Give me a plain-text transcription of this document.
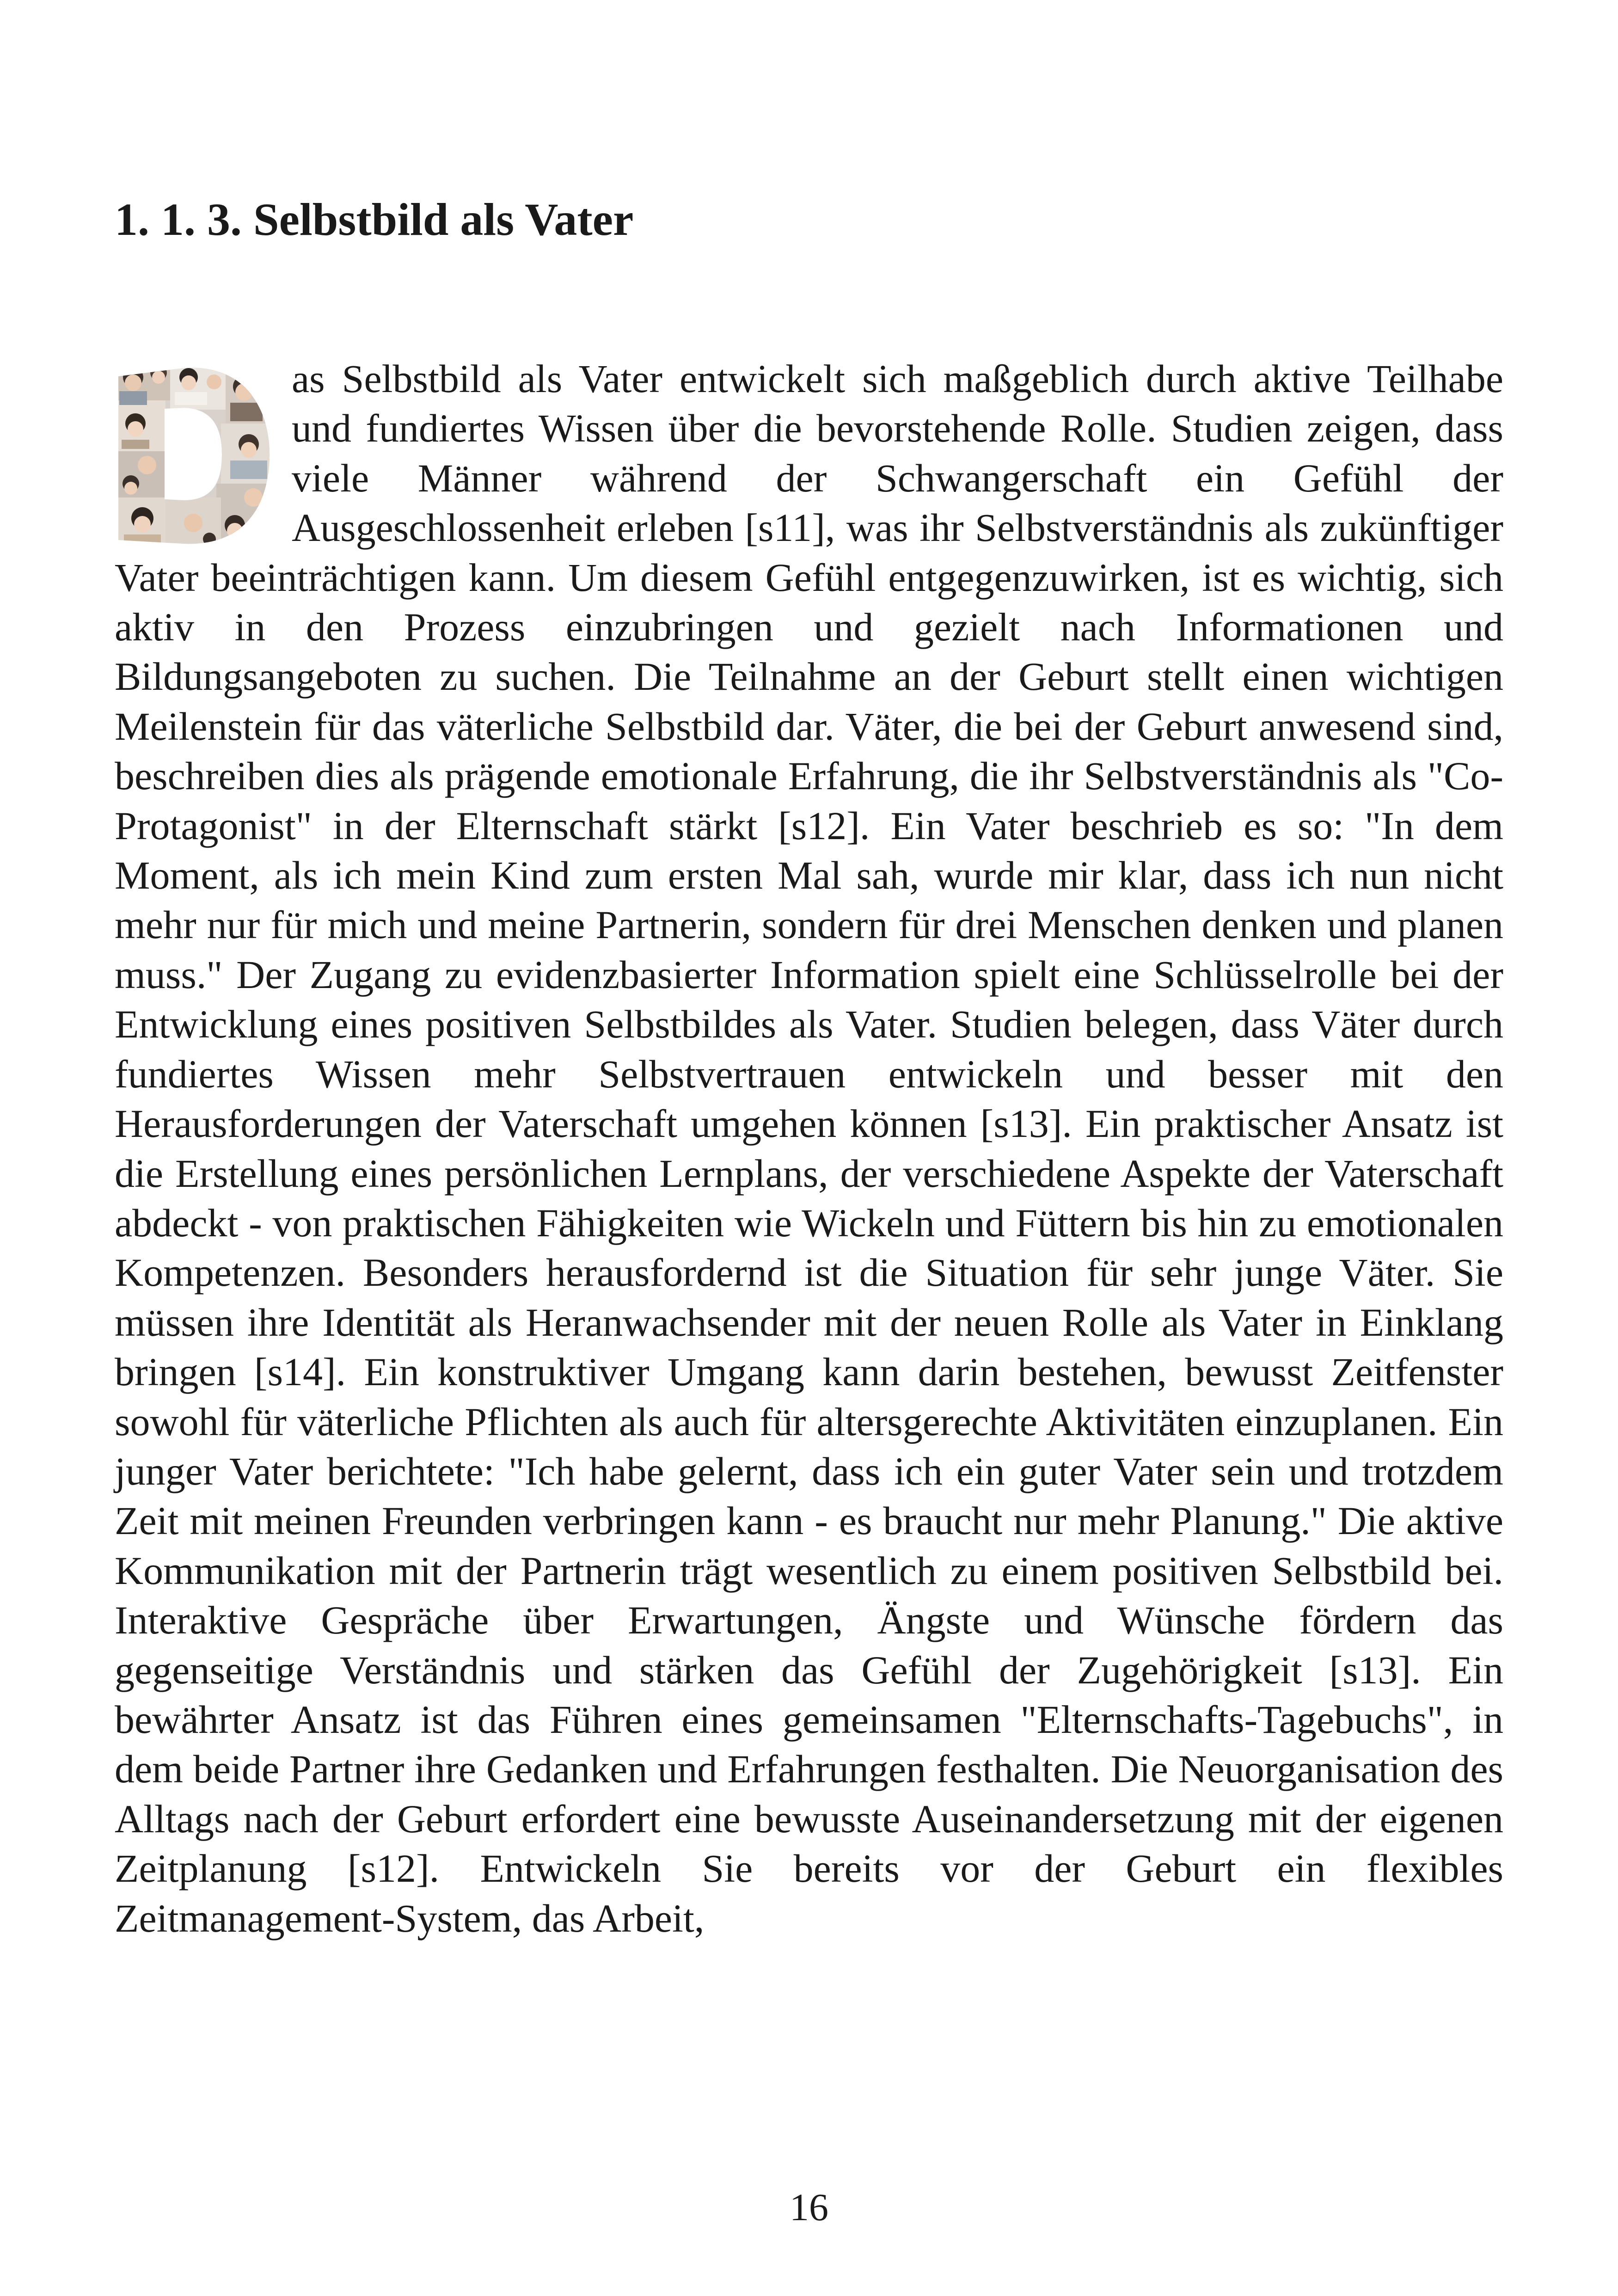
1. 1. 3. Selbstbild als Vater

as Selbstbild als Vater entwickelt sich maßgeblich durch aktive Teilhabe und fundiertes Wissen über die bevorstehende Rolle. Studien zeigen, dass viele Männer während der Schwangerschaft ein Gefühl der Ausgeschlossenheit erleben [s11], was ihr Selbstverständnis als zukünftiger Vater beeinträchtigen kann. Um diesem Gefühl entgegenzuwirken, ist es wichtig, sich aktiv in den Prozess einzubringen und gezielt nach Informationen und Bildungsangeboten zu suchen. Die Teilnahme an der Geburt stellt einen wichtigen Meilenstein für das väterliche Selbstbild dar. Väter, die bei der Geburt anwesend sind, beschreiben dies als prägende emotionale Erfahrung, die ihr Selbstverständnis als "Co-Protagonist" in der Elternschaft stärkt [s12]. Ein Vater beschrieb es so: "In dem Moment, als ich mein Kind zum ersten Mal sah, wurde mir klar, dass ich nun nicht mehr nur für mich und meine Partnerin, sondern für drei Menschen denken und planen muss." Der Zugang zu evidenzbasierter Information spielt eine Schlüsselrolle bei der Entwicklung eines positiven Selbstbildes als Vater. Studien belegen, dass Väter durch fundiertes Wissen mehr Selbstvertrauen entwickeln und besser mit den Herausforderungen der Vaterschaft umgehen können [s13]. Ein praktischer Ansatz ist die Erstellung eines persönlichen Lernplans, der verschiedene Aspekte der Vaterschaft abdeckt - von praktischen Fähigkeiten wie Wickeln und Füttern bis hin zu emotionalen Kompetenzen. Besonders herausfordernd ist die Situation für sehr junge Väter. Sie müssen ihre Identität als Heranwachsender mit der neuen Rolle als Vater in Einklang bringen [s14]. Ein konstruktiver Umgang kann darin bestehen, bewusst Zeitfenster sowohl für väterliche Pflichten als auch für altersgerechte Aktivitäten einzuplanen. Ein junger Vater berichtete: "Ich habe gelernt, dass ich ein guter Vater sein und trotzdem Zeit mit meinen Freunden verbringen kann - es braucht nur mehr Planung." Die aktive Kommunikation mit der Partnerin trägt wesentlich zu einem positiven Selbstbild bei. Interaktive Gespräche über Erwartungen, Ängste und Wünsche fördern das gegenseitige Verständnis und stärken das Gefühl der Zugehörigkeit [s13]. Ein bewährter Ansatz ist das Führen eines gemeinsamen "Elternschafts-Tagebuchs", in dem beide Partner ihre Gedanken und Erfahrungen festhalten. Die Neuorganisation des Alltags nach der Geburt erfordert eine bewusste Auseinandersetzung mit der eigenen Zeitplanung [s12]. Entwickeln Sie bereits vor der Geburt ein flexibles Zeitmanagement-System, das Arbeit,

16
